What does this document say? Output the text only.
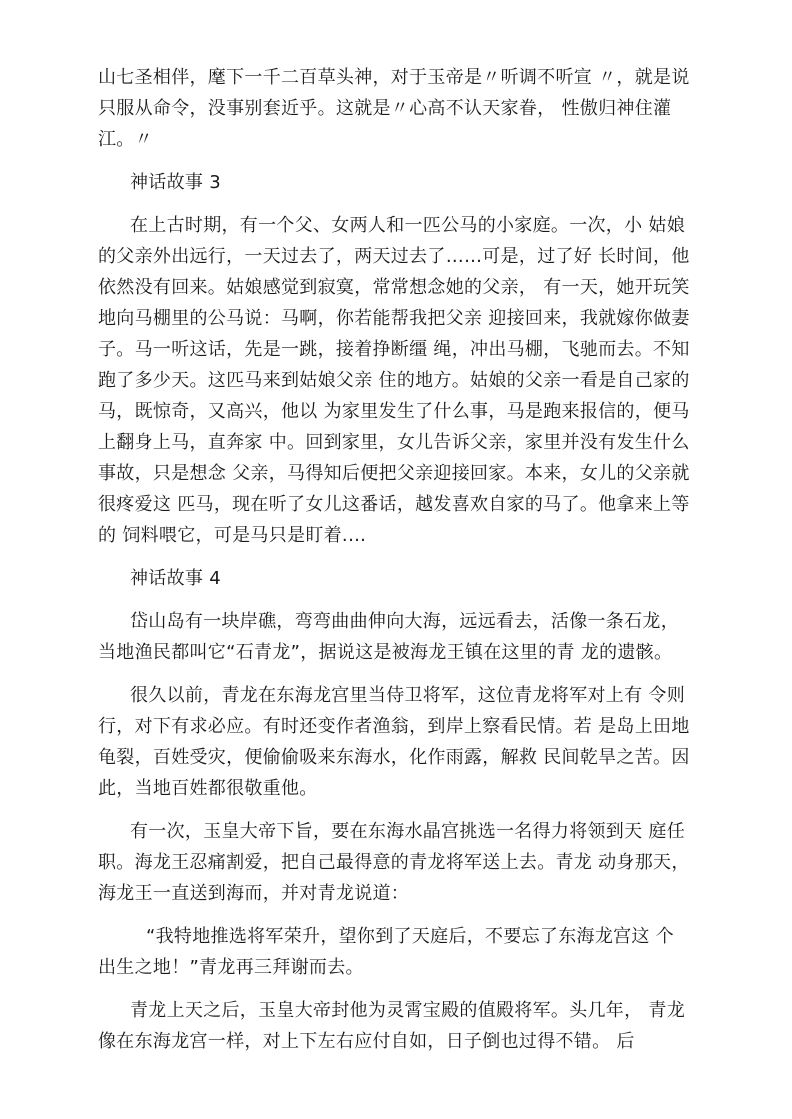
山七圣相伴，麾下一千二百草头神，对于玉帝是〃听调不听宣 〃，就是说只服从命令，没事别套近乎。这就是〃心高不认天家眷， 性傲归神住灌江。〃

神话故事 3

在上古时期，有一个父、女两人和一匹公马的小家庭。一次，小 姑娘的父亲外出远行，一天过去了，两天过去了……可是，过了好 长时间，他依然没有回来。姑娘感觉到寂寞，常常想念她的父亲， 有一天，她开玩笑地向马棚里的公马说：马啊，你若能帮我把父亲 迎接回来，我就嫁你做妻子。马一听这话，先是一跳，接着挣断缰 绳，冲出马棚，飞驰而去。不知跑了多少天。这匹马来到姑娘父亲 住的地方。姑娘的父亲一看是自己家的马，既惊奇，又高兴，他以 为家里发生了什么事，马是跑来报信的，便马上翻身上马，直奔家 中。回到家里，女儿告诉父亲，家里并没有发生什么事故，只是想念 父亲，马得知后便把父亲迎接回家。本来，女儿的父亲就很疼爱这 匹马，现在听了女儿这番话，越发喜欢自家的马了。他拿来上等的 饲料喂它，可是马只是盯着.…

神话故事 4

岱山岛有一块岸礁，弯弯曲曲伸向大海，远远看去，活像一条石龙，当地渔民都叫它“石青龙”，据说这是被海龙王镇在这里的青 龙的遗骸。

很久以前，青龙在东海龙宫里当侍卫将军，这位青龙将军对上有 令则行，对下有求必应。有时还变作者渔翁，到岸上察看民情。若 是岛上田地龟裂，百姓受灾，便偷偷吸来东海水，化作雨露，解救 民间乾旱之苦。因此，当地百姓都很敬重他。

有一次，玉皇大帝下旨，要在东海水晶宫挑选一名得力将领到天 庭任职。海龙王忍痛割爱，把自己最得意的青龙将军送上去。青龙 动身那天，海龙王一直送到海而，并对青龙说道：

“我特地推选将军荣升，望你到了天庭后，不要忘了东海龙宫这 个出生之地！”青龙再三拜谢而去。

青龙上天之后，玉皇大帝封他为灵霄宝殿的值殿将军。头几年， 青龙像在东海龙宫一样，对上下左右应付自如，日子倒也过得不错。 后
